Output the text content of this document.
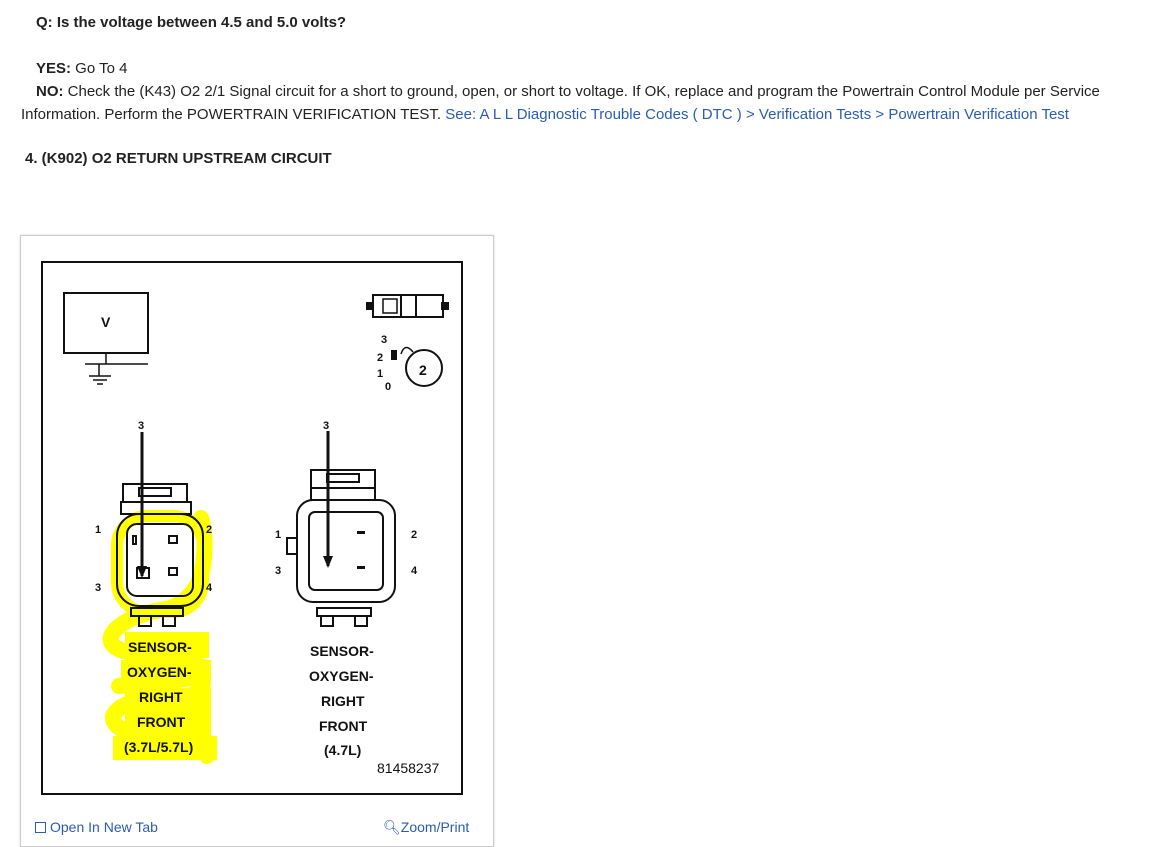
Q: Is the voltage between 4.5 and 5.0 volts?
YES: Go To 4
NO: Check the (K43) O2 2/1 Signal circuit for a short to ground, open, or short to voltage. If OK, replace and program the Powertrain Control Module per Service
Information. Perform the POWERTRAIN VERIFICATION TEST. See: A L L Diagnostic Trouble Codes ( DTC ) > Verification Tests > Powertrain Verification Test
4. (K902) O2 RETURN UPSTREAM CIRCUIT
V
3
2
1
0
2
3
1	2
3	4
SENSOR-
OXYGEN-
RIGHT
FRONT
(3.7L/5.7L)
3
1	2
3	4
SENSOR-
OXYGEN-
RIGHT
FRONT
(4.7L)
81458237
Open In New Tab	🔍︎Zoom/Print
